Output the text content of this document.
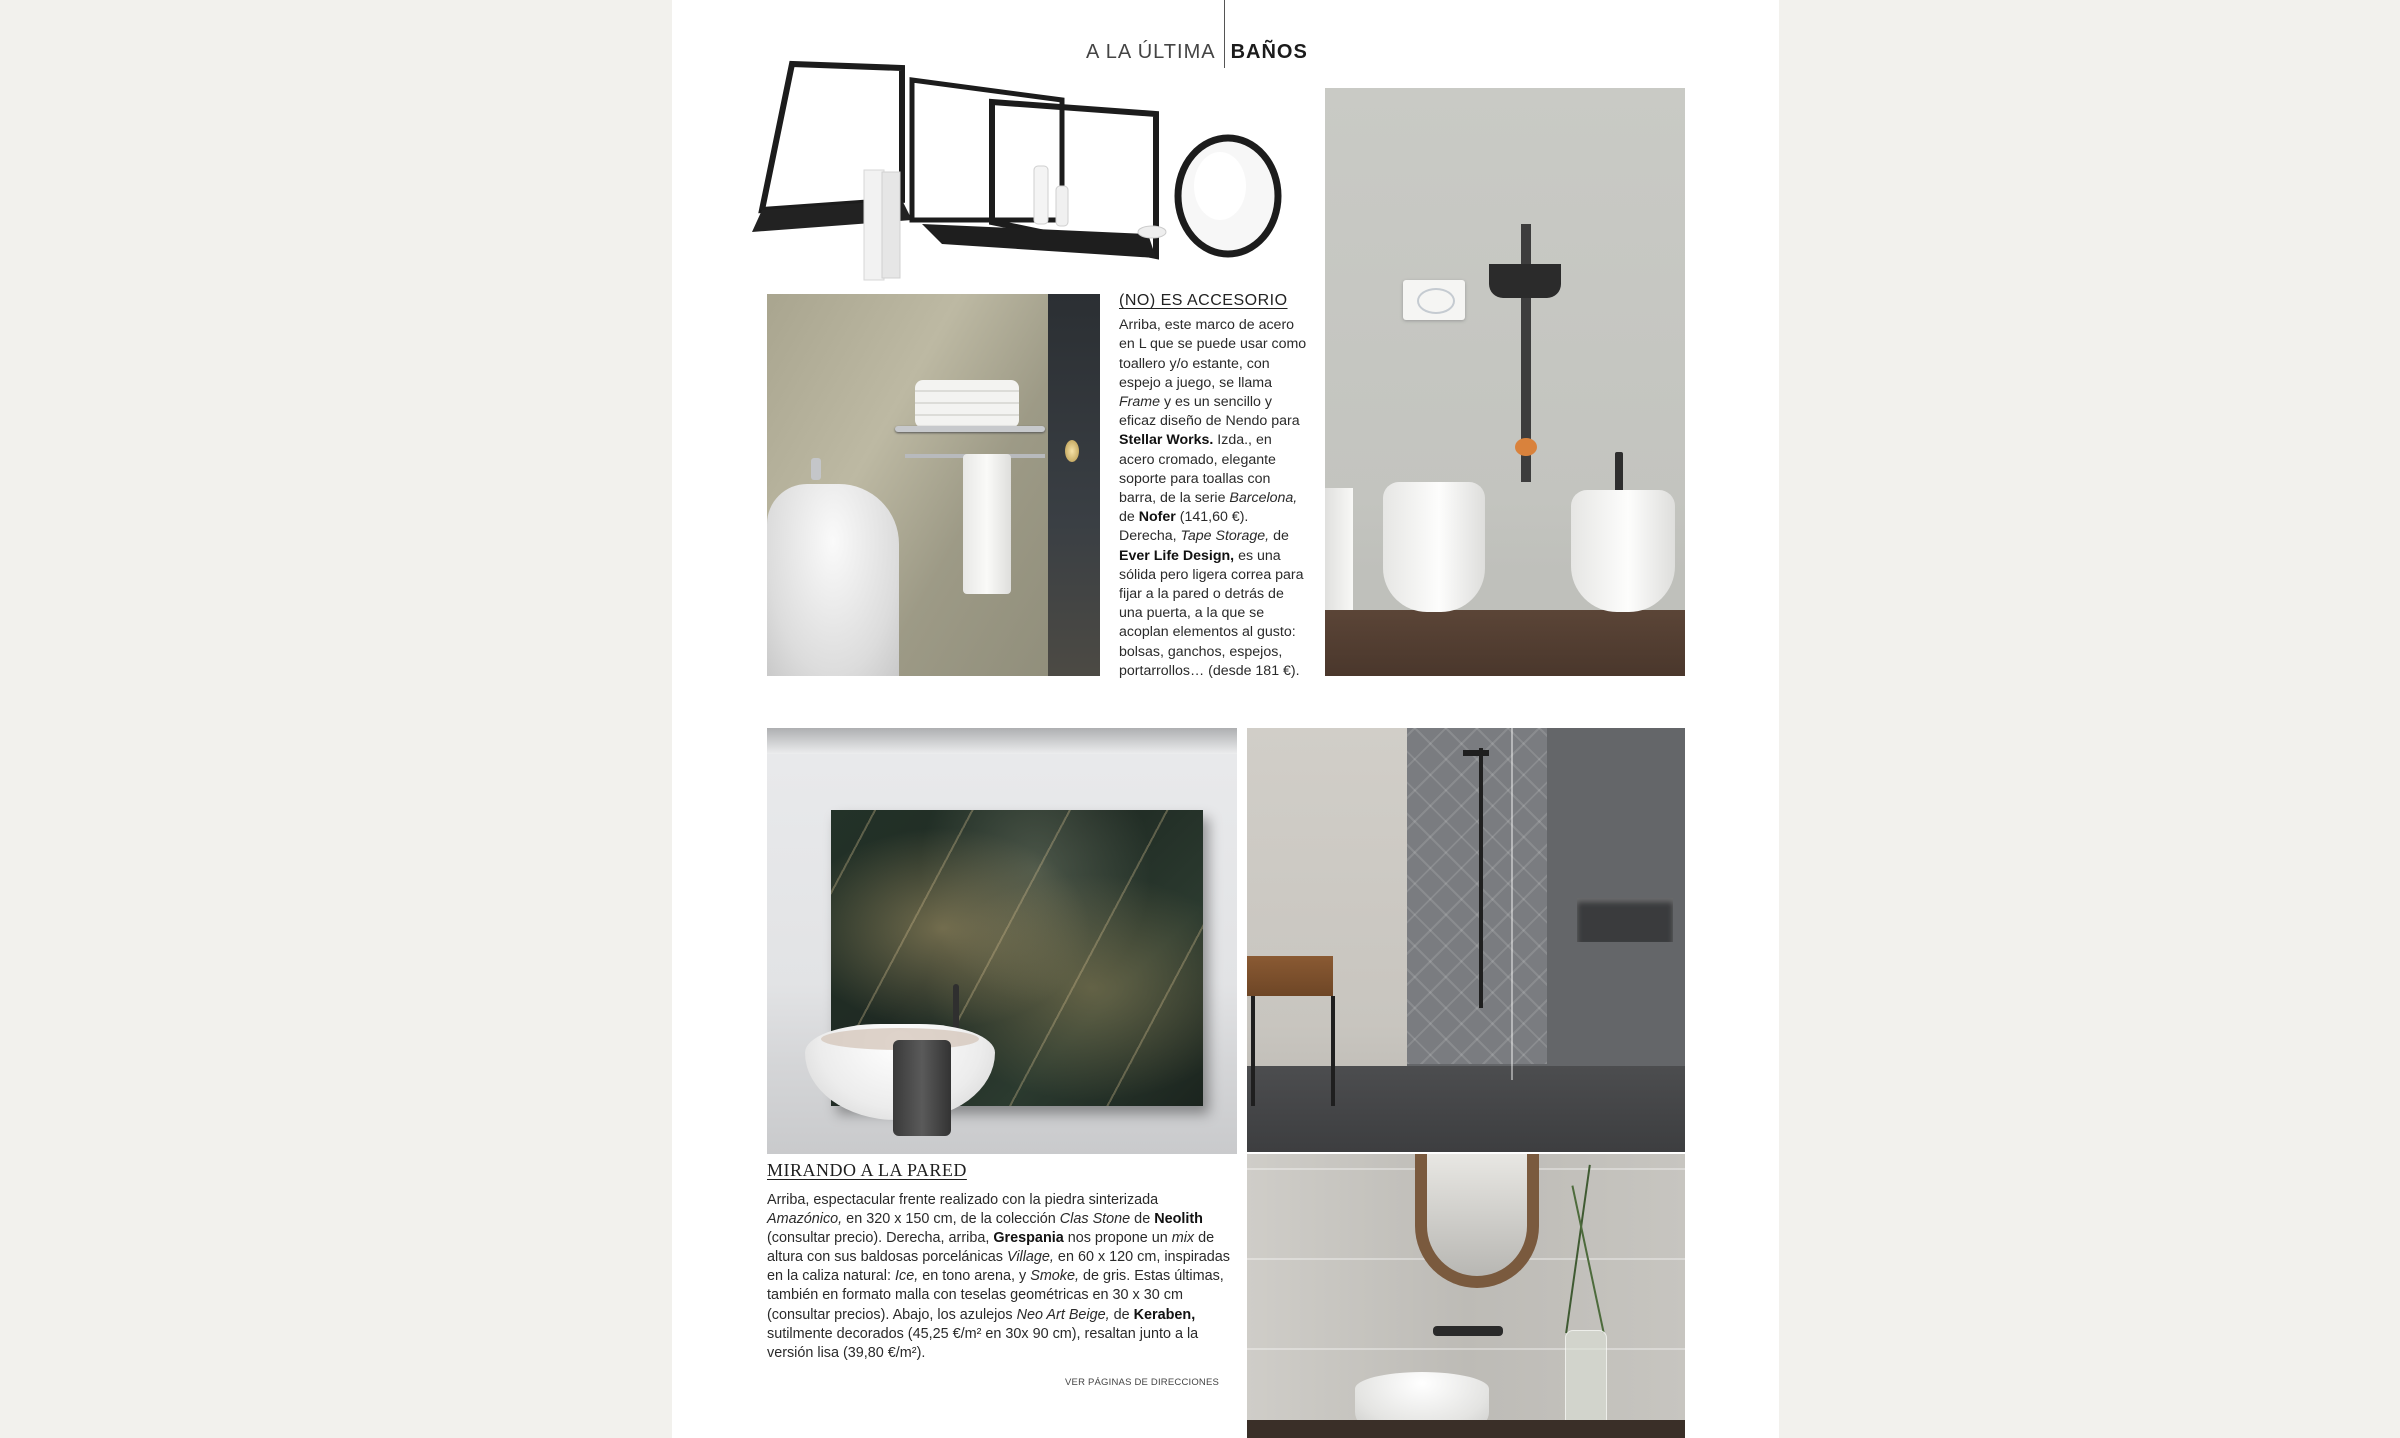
A LA ÚLTIMA BAÑOS
(NO) ES ACCESORIO

Arriba, este marco de acero en L que se puede usar como toallero y/o estante, con espejo a juego, se llama Frame y es un sencillo y eficaz diseño de Nendo para Stellar Works. Izda., en acero cromado, elegante soporte para toallas con barra, de la serie Barcelona, de Nofer (141,60 €). Derecha, Tape Storage, de Ever Life Design, es una sólida pero ligera correa para fijar a la pared o detrás de una puerta, a la que se acoplan elementos al gusto: bolsas, ganchos, espejos, portarrollos… (desde 181 €).

MIRANDO A LA PARED

Arriba, espectacular frente realizado con la piedra sinterizada Amazónico, en 320 x 150 cm, de la colección Clas Stone de Neolith (consultar precio). Derecha, arriba, Grespania nos propone un mix de altura con sus baldosas porcelánicas Village, en 60 x 120 cm, inspiradas en la caliza natural: Ice, en tono arena, y Smoke, de gris. Estas últimas, también en formato malla con teselas geométricas en 30 x 30 cm (consultar precios). Abajo, los azulejos Neo Art Beige, de Keraben, sutilmente decorados (45,25 €/m² en 30x 90 cm), resaltan junto a la versión lisa (39,80 €/m²).

VER PÁGINAS DE DIRECCIONES
